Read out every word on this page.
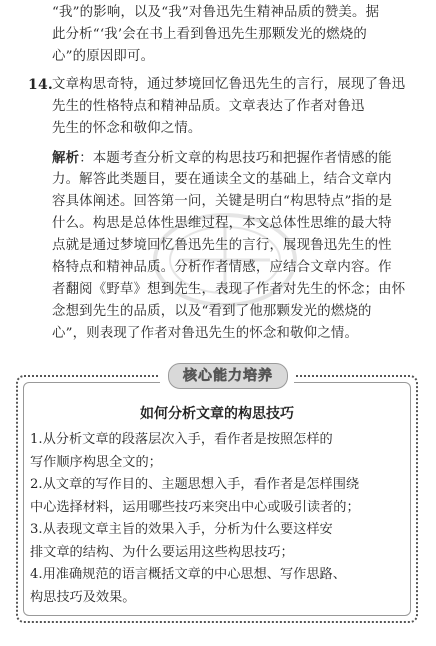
“我”的影响，以及“我”对鲁迅先生精神品质的赞美。据
此分析“‘我’会在书上看到鲁迅先生那颗发光的燃烧的
心”的原因即可。
14. 文章构思奇特，通过梦境回忆鲁迅先生的言行，展现了鲁迅
先生的性格特点和精神品质。文章表达了作者对鲁迅
先生的怀念和敬仰之情。
解析：本题考查分析文章的构思技巧和把握作者情感的能
力。解答此类题目，要在通读全文的基础上，结合文章内
容具体阐述。回答第一问，关键是明白“构思特点”指的是
什么。构思是总体性思维过程，本文总体性思维的最大特
点就是通过梦境回忆鲁迅先生的言行，展现鲁迅先生的性
格特点和精神品质。分析作者情感，应结合文章内容。作
者翻阅《野草》想到先生，表现了作者对先生的怀念；由怀
念想到先生的品质，以及“看到了他那颗发光的燃烧的
心”，则表现了作者对鲁迅先生的怀念和敬仰之情。
核心能力培养
如何分析文章的构思技巧
1.从分析文章的段落层次入手，看作者是按照怎样的
写作顺序构思全文的；
2.从文章的写作目的、主题思想入手，看作者是怎样围绕
中心选择材料，运用哪些技巧来突出中心或吸引读者的；
3.从表现文章主旨的效果入手，分析为什么要这样安
排文章的结构、为什么要运用这些构思技巧；
4.用准确规范的语言概括文章的中心思想、写作思路、
构思技巧及效果。
